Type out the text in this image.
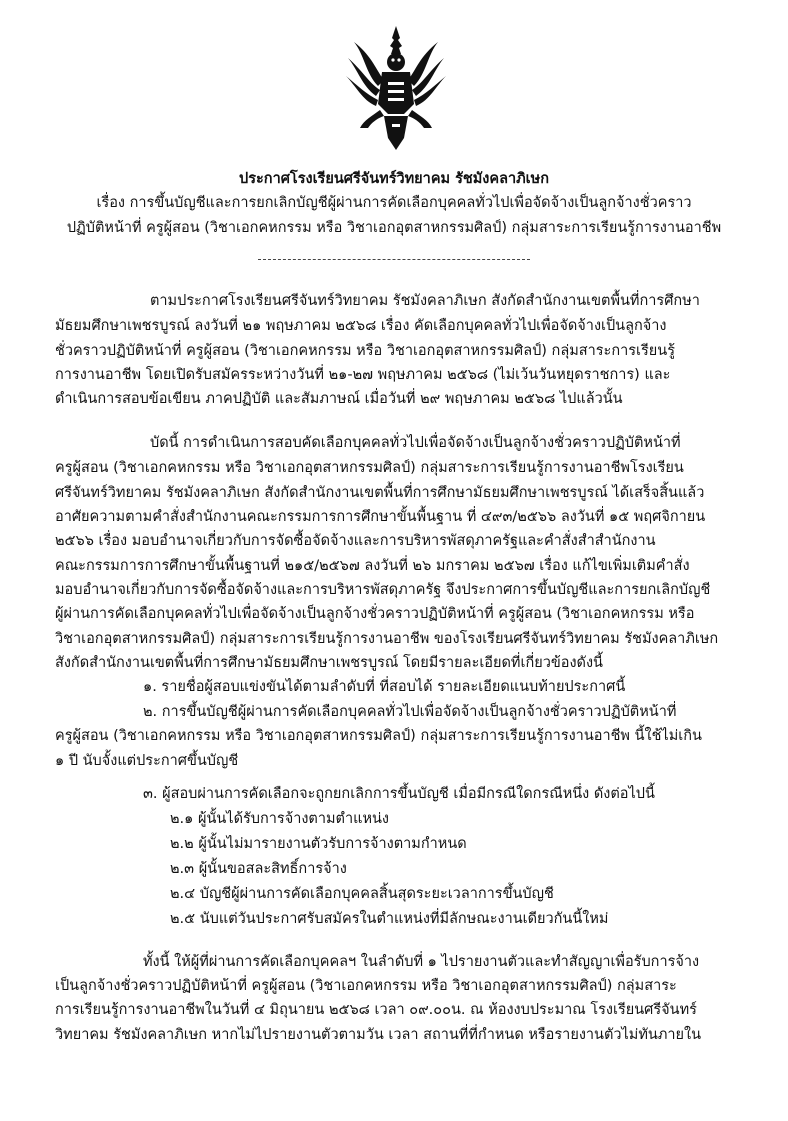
ประกาศโรงเรียนศรีจันทร์วิทยาคม รัชมังคลาภิเษก
เรื่อง การขึ้นบัญชีและการยกเลิกบัญชีผู้ผ่านการคัดเลือกบุคคลทั่วไปเพื่อจัดจ้างเป็นลูกจ้างชั่วคราว
ปฏิบัติหน้าที่ ครูผู้สอน (วิชาเอกคหกรรม หรือ วิชาเอกอุตสาหกรรมศิลป์) กลุ่มสาระการเรียนรู้การงานอาชีพ
ตามประกาศโรงเรียนศรีจันทร์วิทยาคม รัชมังคลาภิเษก สังกัดสำนักงานเขตพื้นที่การศึกษา
มัธยมศึกษาเพชรบูรณ์ ลงวันที่ ๒๑ พฤษภาคม ๒๕๖๘ เรื่อง คัดเลือกบุคคลทั่วไปเพื่อจัดจ้างเป็นลูกจ้าง
ชั่วคราวปฏิบัติหน้าที่ ครูผู้สอน (วิชาเอกคหกรรม หรือ วิชาเอกอุตสาหกรรมศิลป์) กลุ่มสาระการเรียนรู้
การงานอาชีพ โดยเปิดรับสมัครระหว่างวันที่ ๒๑-๒๗ พฤษภาคม ๒๕๖๘ (ไม่เว้นวันหยุดราชการ) และ
ดำเนินการสอบข้อเขียน ภาคปฏิบัติ และสัมภาษณ์ เมื่อวันที่ ๒๙ พฤษภาคม ๒๕๖๘ ไปแล้วนั้น
บัดนี้ การดำเนินการสอบคัดเลือกบุคคลทั่วไปเพื่อจัดจ้างเป็นลูกจ้างชั่วคราวปฏิบัติหน้าที่
ครูผู้สอน (วิชาเอกคหกรรม หรือ วิชาเอกอุตสาหกรรมศิลป์) กลุ่มสาระการเรียนรู้การงานอาชีพโรงเรียน
ศรีจันทร์วิทยาคม รัชมังคลาภิเษก สังกัดสำนักงานเขตพื้นที่การศึกษามัธยมศึกษาเพชรบูรณ์ ได้เสร็จสิ้นแล้ว
อาศัยความตามคำสั่งสำนักงานคณะกรรมการการศึกษาขั้นพื้นฐาน ที่ ๔๙๓/๒๕๖๖ ลงวันที่ ๑๕ พฤศจิกายน
๒๕๖๖ เรื่อง มอบอำนาจเกี่ยวกับการจัดซื้อจัดจ้างและการบริหารพัสดุภาครัฐและคำสั่งสำสำนักงาน
คณะกรรมการการศึกษาขั้นพื้นฐานที่ ๒๑๕/๒๕๖๗ ลงวันที่ ๒๖ มกราคม ๒๕๖๗ เรื่อง แก้ไขเพิ่มเติมคำสั่ง
มอบอำนาจเกี่ยวกับการจัดซื้อจัดจ้างและการบริหารพัสดุภาครัฐ จึงประกาศการขึ้นบัญชีและการยกเลิกบัญชี
ผู้ผ่านการคัดเลือกบุคคลทั่วไปเพื่อจัดจ้างเป็นลูกจ้างชั่วคราวปฏิบัติหน้าที่ ครูผู้สอน (วิชาเอกคหกรรม หรือ
วิชาเอกอุตสาหกรรมศิลป์) กลุ่มสาระการเรียนรู้การงานอาชีพ ของโรงเรียนศรีจันทร์วิทยาคม รัชมังคลาภิเษก
สังกัดสำนักงานเขตพื้นที่การศึกษามัธยมศึกษาเพชรบูรณ์ โดยมีรายละเอียดที่เกี่ยวข้องดังนี้
๑. รายชื่อผู้สอบแข่งขันได้ตามลำดับที่ ที่สอบได้ รายละเอียดแนบท้ายประกาศนี้
๒. การขึ้นบัญชีผู้ผ่านการคัดเลือกบุคคลทั่วไปเพื่อจัดจ้างเป็นลูกจ้างชั่วคราวปฏิบัติหน้าที่
ครูผู้สอน (วิชาเอกคหกรรม หรือ วิชาเอกอุตสาหกรรมศิลป์) กลุ่มสาระการเรียนรู้การงานอาชีพ นี้ใช้ไม่เกิน
๑ ปี นับจั้งแต่ประกาศขึ้นบัญชี
๓. ผู้สอบผ่านการคัดเลือกจะถูกยกเลิกการขึ้นบัญชี เมื่อมีกรณีใดกรณีหนึ่ง ดังต่อไปนี้
๒.๑ ผู้นั้นได้รับการจ้างตามตำแหน่ง
๒.๒ ผู้นั้นไม่มารายงานตัวรับการจ้างตามกำหนด
๒.๓ ผู้นั้นขอสละสิทธิ์การจ้าง
๒.๔ บัญชีผู้ผ่านการคัดเลือกบุคคลสิ้นสุดระยะเวลาการขึ้นบัญชี
๒.๕ นับแต่วันประกาศรับสมัครในตำแหน่งที่มีลักษณะงานเดียวกันนี้ใหม่
ทั้งนี้ ให้ผู้ที่ผ่านการคัดเลือกบุคคลฯ ในลำดับที่ ๑ ไปรายงานตัวและทำสัญญาเพื่อรับการจ้าง
เป็นลูกจ้างชั่วคราวปฏิบัติหน้าที่ ครูผู้สอน (วิชาเอกคหกรรม หรือ วิชาเอกอุตสาหกรรมศิลป์) กลุ่มสาระ
การเรียนรู้การงานอาชีพในวันที่ ๔ มิถุนายน ๒๕๖๘ เวลา ๐๙.๐๐น. ณ ห้องงบประมาณ โรงเรียนศรีจันทร์
วิทยาคม รัชมังคลาภิเษก หากไม่ไปรายงานตัวตามวัน เวลา สถานที่ที่กำหนด หรือรายงานตัวไม่ทันภายใน
